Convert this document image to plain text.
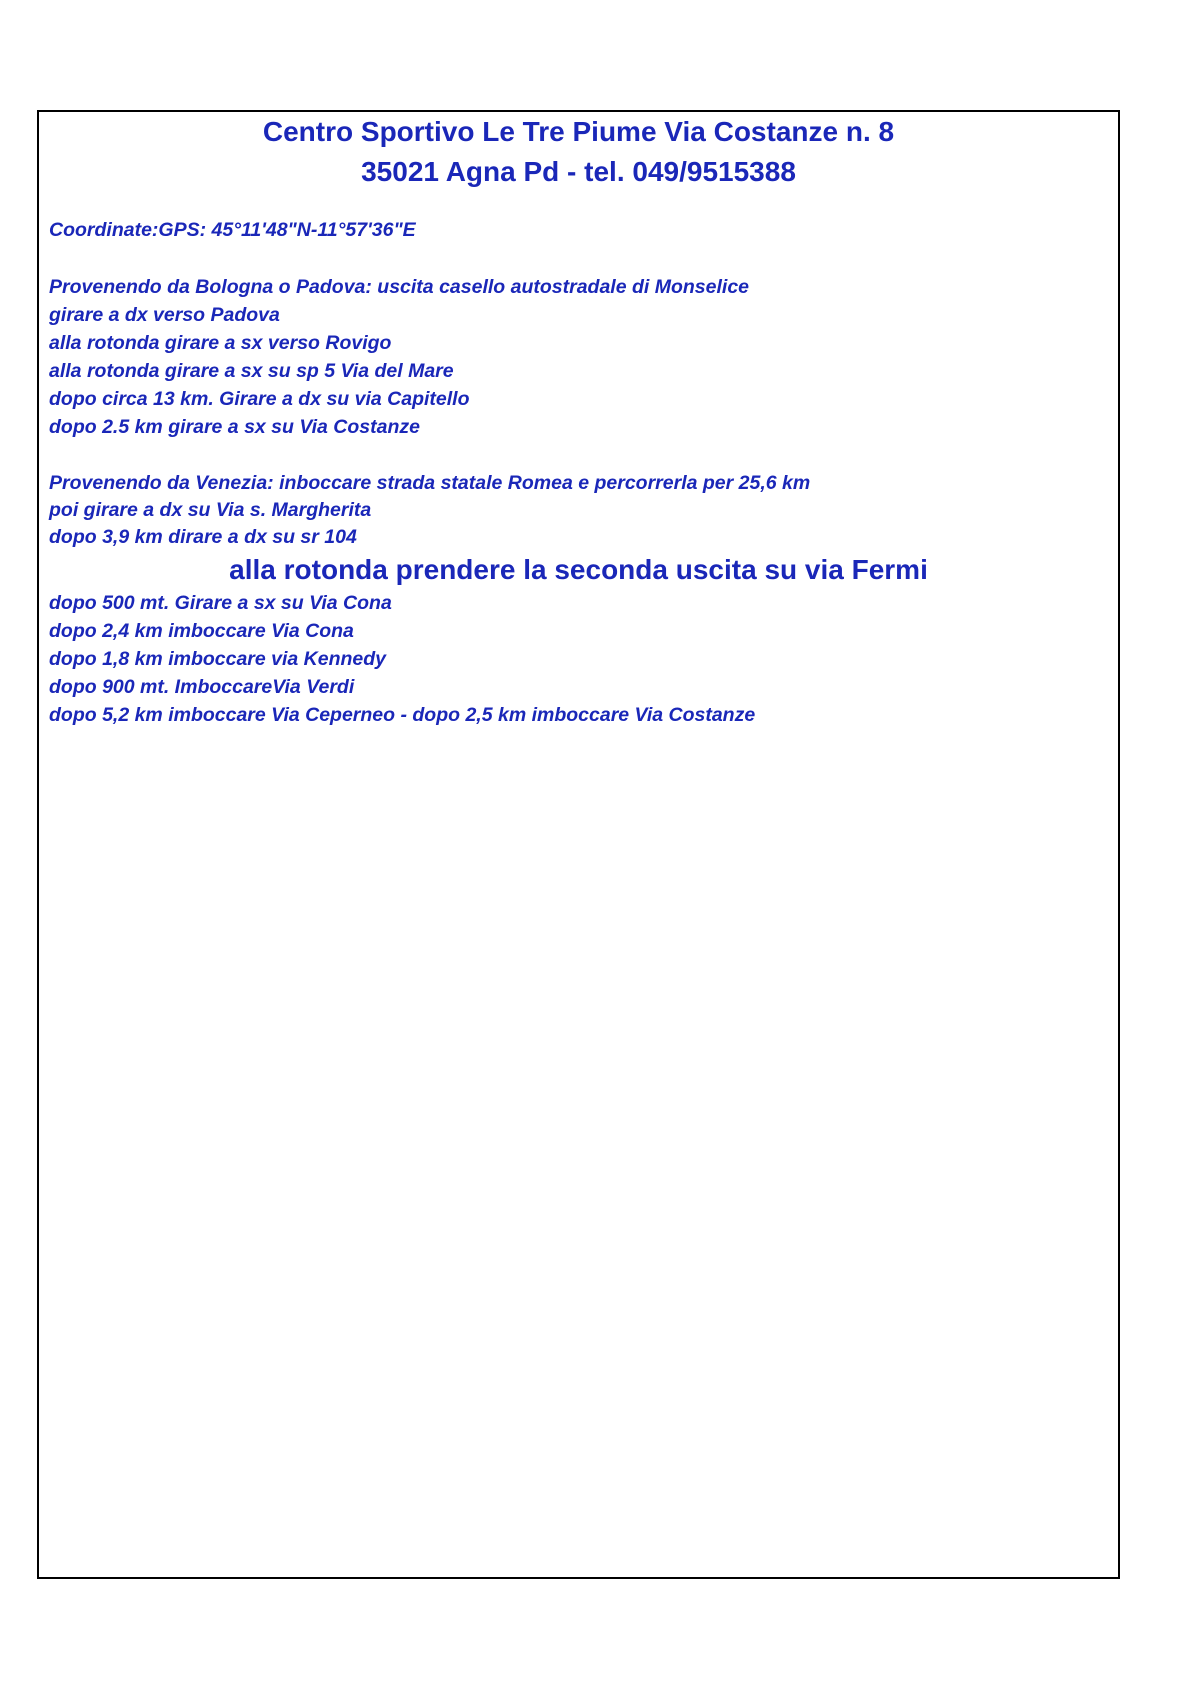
Centro Sportivo Le Tre Piume Via Costanze n. 8
35021 Agna Pd - tel. 049/9515388
Coordinate:GPS: 45°11'48"N-11°57'36"E
Provenendo da Bologna o Padova: uscita casello autostradale di Monselice
girare a dx verso Padova
alla rotonda girare a sx verso Rovigo
alla rotonda girare a sx su sp 5 Via del Mare
dopo circa 13 km. Girare a dx su via Capitello
dopo 2.5 km girare a sx su Via Costanze
Provenendo da Venezia: inboccare strada statale Romea e percorrerla per 25,6 km
poi girare a dx su Via s. Margherita
dopo 3,9 km dirare a dx su sr 104
alla rotonda prendere la seconda uscita su via Fermi
dopo 500 mt. Girare a sx su Via Cona
dopo 2,4 km imboccare Via Cona
dopo 1,8 km imboccare via Kennedy
dopo 900 mt. ImboccareVia Verdi
dopo 5,2 km imboccare Via Ceperneo - dopo 2,5 km imboccare Via Costanze
